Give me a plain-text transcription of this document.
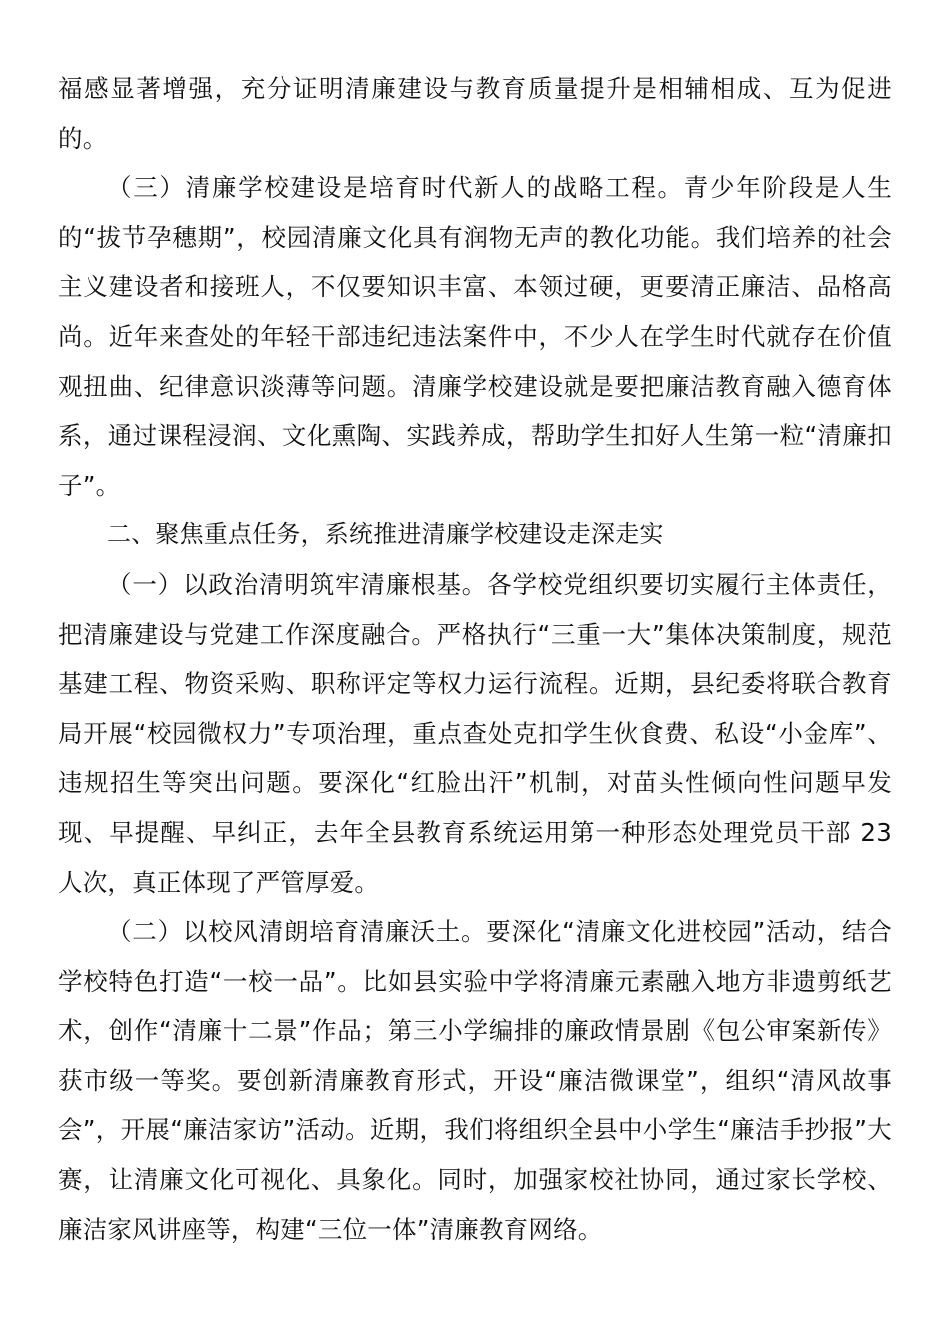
福感显著增强，充分证明清廉建设与教育质量提升是相辅相成、互为促进的。

（三）清廉学校建设是培育时代新人的战略工程。青少年阶段是人生的“拔节孕穗期”，校园清廉文化具有润物无声的教化功能。我们培养的社会主义建设者和接班人，不仅要知识丰富、本领过硬，更要清正廉洁、品格高尚。近年来查处的年轻干部违纪违法案件中，不少人在学生时代就存在价值观扭曲、纪律意识淡薄等问题。清廉学校建设就是要把廉洁教育融入德育体系，通过课程浸润、文化熏陶、实践养成，帮助学生扣好人生第一粒“清廉扣子”。

二、聚焦重点任务，系统推进清廉学校建设走深走实

（一）以政治清明筑牢清廉根基。各学校党组织要切实履行主体责任，把清廉建设与党建工作深度融合。严格执行“三重一大”集体决策制度，规范基建工程、物资采购、职称评定等权力运行流程。近期，县纪委将联合教育局开展“校园微权力”专项治理，重点查处克扣学生伙食费、私设“小金库”、违规招生等突出问题。要深化“红脸出汗”机制，对苗头性倾向性问题早发现、早提醒、早纠正，去年全县教育系统运用第一种形态处理党员干部 23 人次，真正体现了严管厚爱。

（二）以校风清朗培育清廉沃土。要深化“清廉文化进校园”活动，结合学校特色打造“一校一品”。比如县实验中学将清廉元素融入地方非遗剪纸艺术，创作“清廉十二景”作品；第三小学编排的廉政情景剧《包公审案新传》获市级一等奖。要创新清廉教育形式，开设“廉洁微课堂”，组织“清风故事会”，开展“廉洁家访”活动。近期，我们将组织全县中小学生“廉洁手抄报”大赛，让清廉文化可视化、具象化。同时，加强家校社协同，通过家长学校、廉洁家风讲座等，构建“三位一体”清廉教育网络。
